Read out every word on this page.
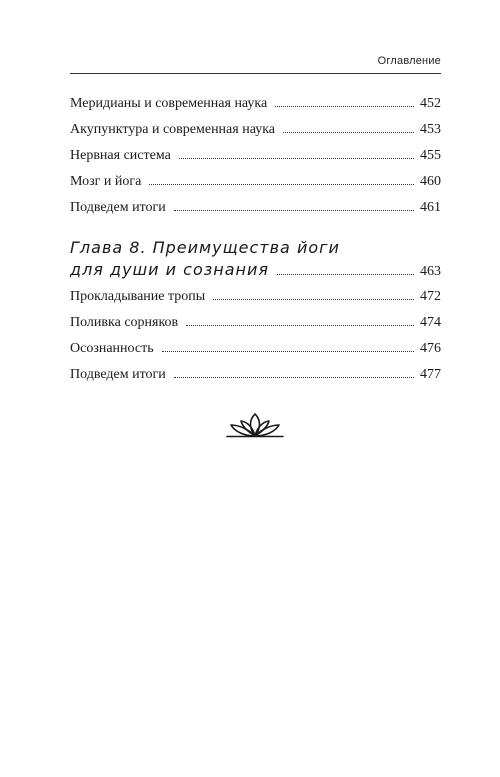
Оглавление
Меридианы и современная наука	452
Акупунктура и современная наука	453
Нервная система	455
Мозг и йога	460
Подведем итоги	461
Глава 8. Преимущества йоги
для души и сознания	463
Прокладывание тропы	472
Поливка сорняков	474
Осознанность	476
Подведем итоги	477
